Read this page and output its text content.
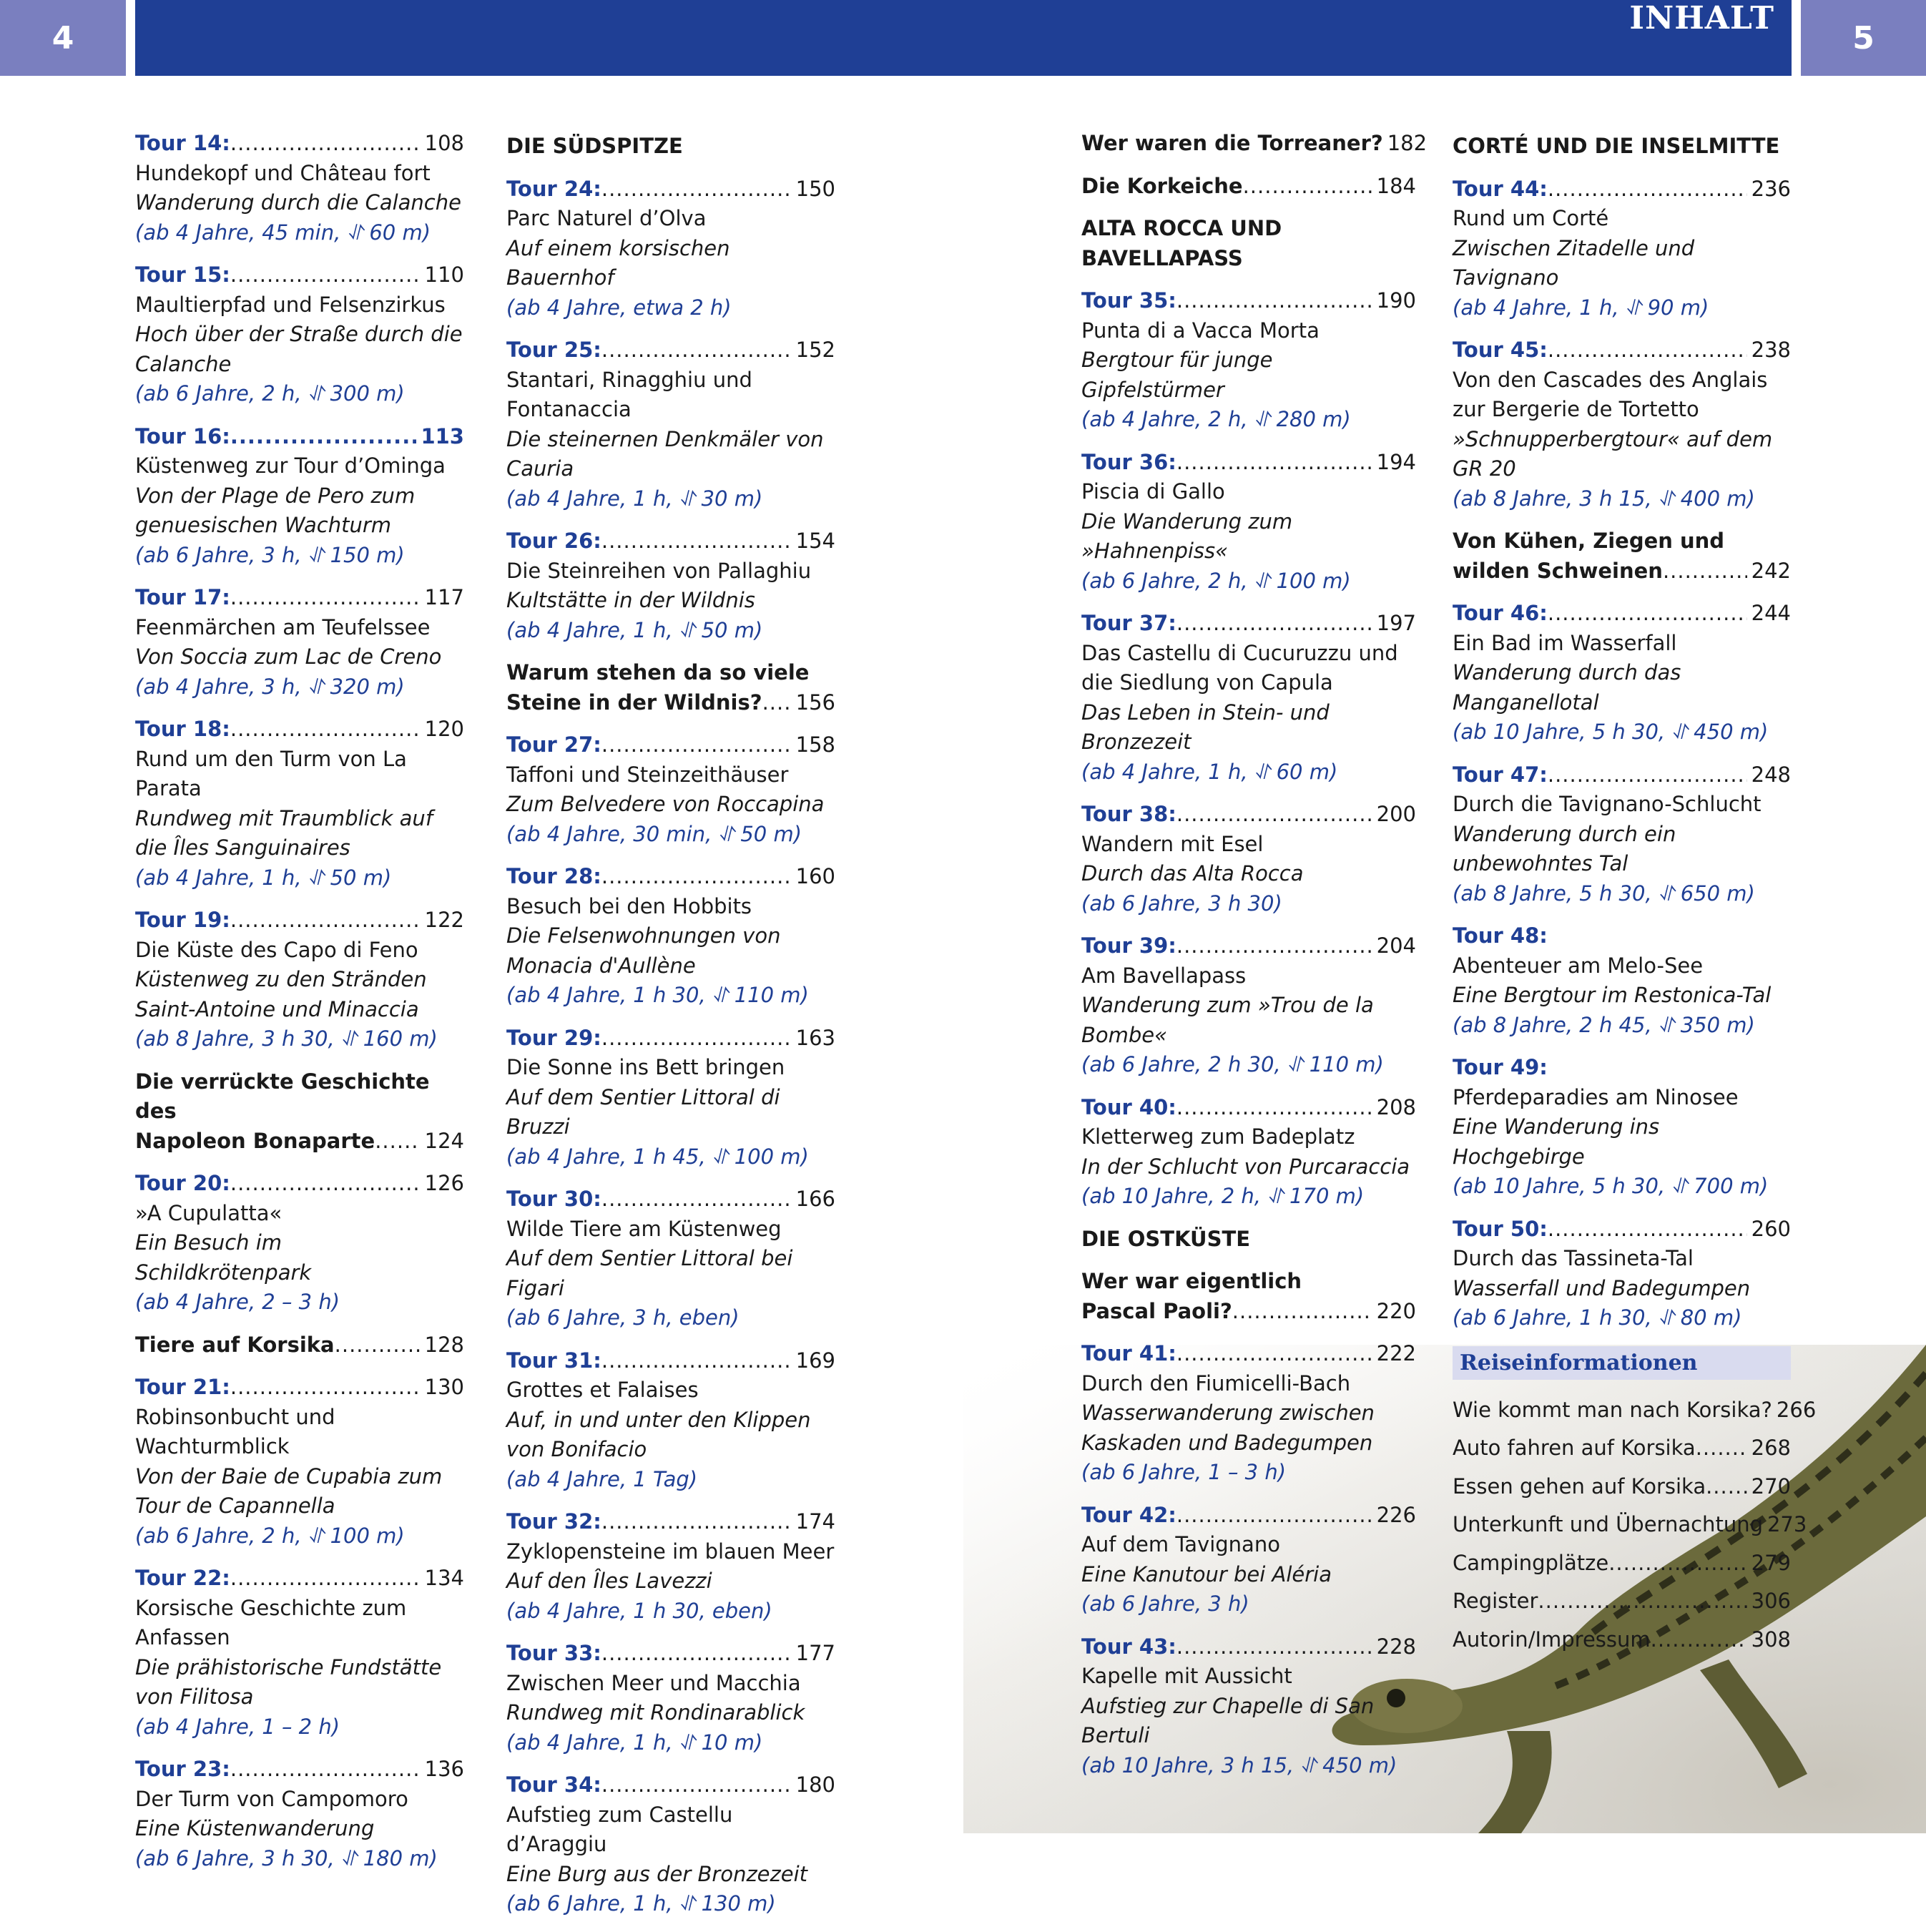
4
INHALT
5
Tour 14: .....	108
Hundekopf und Château fort
Wanderung durch die Calanche
(ab 4 Jahre, 45 min, ⥯ 60 m)
Tour 15: .....	110
Maultierpfad und Felsenzirkus
Hoch über der Straße durch die Calanche
(ab 6 Jahre, 2 h, ⥯ 300 m)
Tour 16: .....	113
Küstenweg zur Tour d’Ominga
Von der Plage de Pero zum genuesischen Wachturm
(ab 6 Jahre, 3 h, ⥯ 150 m)
Tour 17: .....	117
Feenmärchen am Teufelssee
Von Soccia zum Lac de Creno
(ab 4 Jahre, 3 h, ⥯ 320 m)
Tour 18: .....	120
Rund um den Turm von La Parata
Rundweg mit Traumblick auf die Îles Sanguinaires
(ab 4 Jahre, 1 h, ⥯ 50 m)
Tour 19: .....	122
Die Küste des Capo di Feno
Küstenweg zu den Stränden Saint-Antoine und Minaccia
(ab 8 Jahre, 3 h 30, ⥯ 160 m)
Die verrückte Geschichte des
Napoleon Bonaparte ..... 124
Tour 20: .....	126
»A Cupulatta«
Ein Besuch im Schildkrötenpark
(ab 4 Jahre, 2 – 3 h)
Tiere auf Korsika .....	128
Tour 21: .....	130
Robinsonbucht und Wachturmblick
Von der Baie de Cupabia zum Tour de Capannella
(ab 6 Jahre, 2 h, ⥯ 100 m)
Tour 22: .....	134
Korsische Geschichte zum Anfassen
Die prähistorische Fundstätte von Filitosa
(ab 4 Jahre, 1 – 2 h)
Tour 23: .....	136
Der Turm von Campomoro
Eine Küstenwanderung
(ab 6 Jahre, 3 h 30, ⥯ 180 m)
DIE SÜDSPITZE
Tour 24: .....	150
Parc Naturel d’Olva
Auf einem korsischen Bauernhof
(ab 4 Jahre, etwa 2 h)
Tour 25: .....	152
Stantari, Rinagghiu und Fontanaccia
Die steinernen Denkmäler von Cauria
(ab 4 Jahre, 1 h, ⥯ 30 m)
Tour 26: .....	154
Die Steinreihen von Pallaghiu
Kultstätte in der Wildnis
(ab 4 Jahre, 1 h, ⥯ 50 m)
Warum stehen da so viele
Steine in der Wildnis? ..... 156
Tour 27: .....	158
Taffoni und Steinzeithäuser
Zum Belvedere von Roccapina
(ab 4 Jahre, 30 min, ⥯ 50 m)
Tour 28: .....	160
Besuch bei den Hobbits
Die Felsenwohnungen von Monacia d'Aullène
(ab 4 Jahre, 1 h 30, ⥯ 110 m)
Tour 29: .....	163
Die Sonne ins Bett bringen
Auf dem Sentier Littoral di Bruzzi
(ab 4 Jahre, 1 h 45, ⥯ 100 m)
Tour 30: .....	166
Wilde Tiere am Küstenweg
Auf dem Sentier Littoral bei Figari
(ab 6 Jahre, 3 h, eben)
Tour 31: .....	169
Grottes et Falaises
Auf, in und unter den Klippen von Bonifacio
(ab 4 Jahre, 1 Tag)
Tour 32: .....	174
Zyklopensteine im blauen Meer
Auf den Îles Lavezzi
(ab 4 Jahre, 1 h 30, eben)
Tour 33: .....	177
Zwischen Meer und Macchia
Rundweg mit Rondinarablick
(ab 4 Jahre, 1 h, ⥯ 10 m)
Tour 34: .....	180
Aufstieg zum Castellu d’Araggiu
Eine Burg aus der Bronzezeit
(ab 6 Jahre, 1 h, ⥯ 130 m)
Wer waren die Torreaner? 182
Die Korkeiche .....	184
ALTA ROCCA UND BAVELLAPASS
Tour 35: .....	190
Punta di a Vacca Morta
Bergtour für junge Gipfelstürmer
(ab 4 Jahre, 2 h, ⥯ 280 m)
Tour 36: .....	194
Piscia di Gallo
Die Wanderung zum »Hahnenpiss«
(ab 6 Jahre, 2 h, ⥯ 100 m)
Tour 37: .....	197
Das Castellu di Cucuruzzu und die Siedlung von Capula
Das Leben in Stein- und Bronzezeit
(ab 4 Jahre, 1 h, ⥯ 60 m)
Tour 38: .....	200
Wandern mit Esel
Durch das Alta Rocca
(ab 6 Jahre, 3 h 30)
Tour 39: .....	204
Am Bavellapass
Wanderung zum »Trou de la Bombe«
(ab 6 Jahre, 2 h 30, ⥯ 110 m)
Tour 40: .....	208
Kletterweg zum Badeplatz
In der Schlucht von Purcaraccia
(ab 10 Jahre, 2 h, ⥯ 170 m)
DIE OSTKÜSTE
Wer war eigentlich
Pascal Paoli? .....	220
Tour 41: .....	222
Durch den Fiumicelli-Bach
Wasserwanderung zwischen Kaskaden und Badegumpen
(ab 6 Jahre, 1 – 3 h)
Tour 42: .....	226
Auf dem Tavignano
Eine Kanutour bei Aléria
(ab 6 Jahre, 3 h)
Tour 43: .....	228
Kapelle mit Aussicht
Aufstieg zur Chapelle di San Bertuli
(ab 10 Jahre, 3 h 15, ⥯ 450 m)
CORTÉ UND DIE INSELMITTE
Tour 44: .....	236
Rund um Corté
Zwischen Zitadelle und Tavignano
(ab 4 Jahre, 1 h, ⥯ 90 m)
Tour 45: .....	238
Von den Cascades des Anglais zur Bergerie de Tortetto
»Schnupperbergtour« auf dem GR 20
(ab 8 Jahre, 3 h 15, ⥯ 400 m)
Von Kühen, Ziegen und
wilden Schweinen .....	242
Tour 46: .....	244
Ein Bad im Wasserfall
Wanderung durch das Manganellotal
(ab 10 Jahre, 5 h 30, ⥯ 450 m)
Tour 47: .....	248
Durch die Tavignano-Schlucht
Wanderung durch ein unbewohntes Tal
(ab 8 Jahre, 5 h 30, ⥯ 650 m)
Tour 48:
Abenteuer am Melo-See
Eine Bergtour im Restonica-Tal
(ab 8 Jahre, 2 h 45, ⥯ 350 m)
Tour 49:
Pferdeparadies am Ninosee
Eine Wanderung ins Hochgebirge
(ab 10 Jahre, 5 h 30, ⥯ 700 m)
Tour 50: .....	260
Durch das Tassineta-Tal
Wasserfall und Badegumpen
(ab 6 Jahre, 1 h 30, ⥯ 80 m)
Reiseinformationen
Wie kommt man nach Korsika? 266
Auto fahren auf Korsika .....	268
Essen gehen auf Korsika ..... 270
Unterkunft und Übernachtung 273
Campingplätze .....	279
Register .....	306
Autorin/Impressum .....	308
